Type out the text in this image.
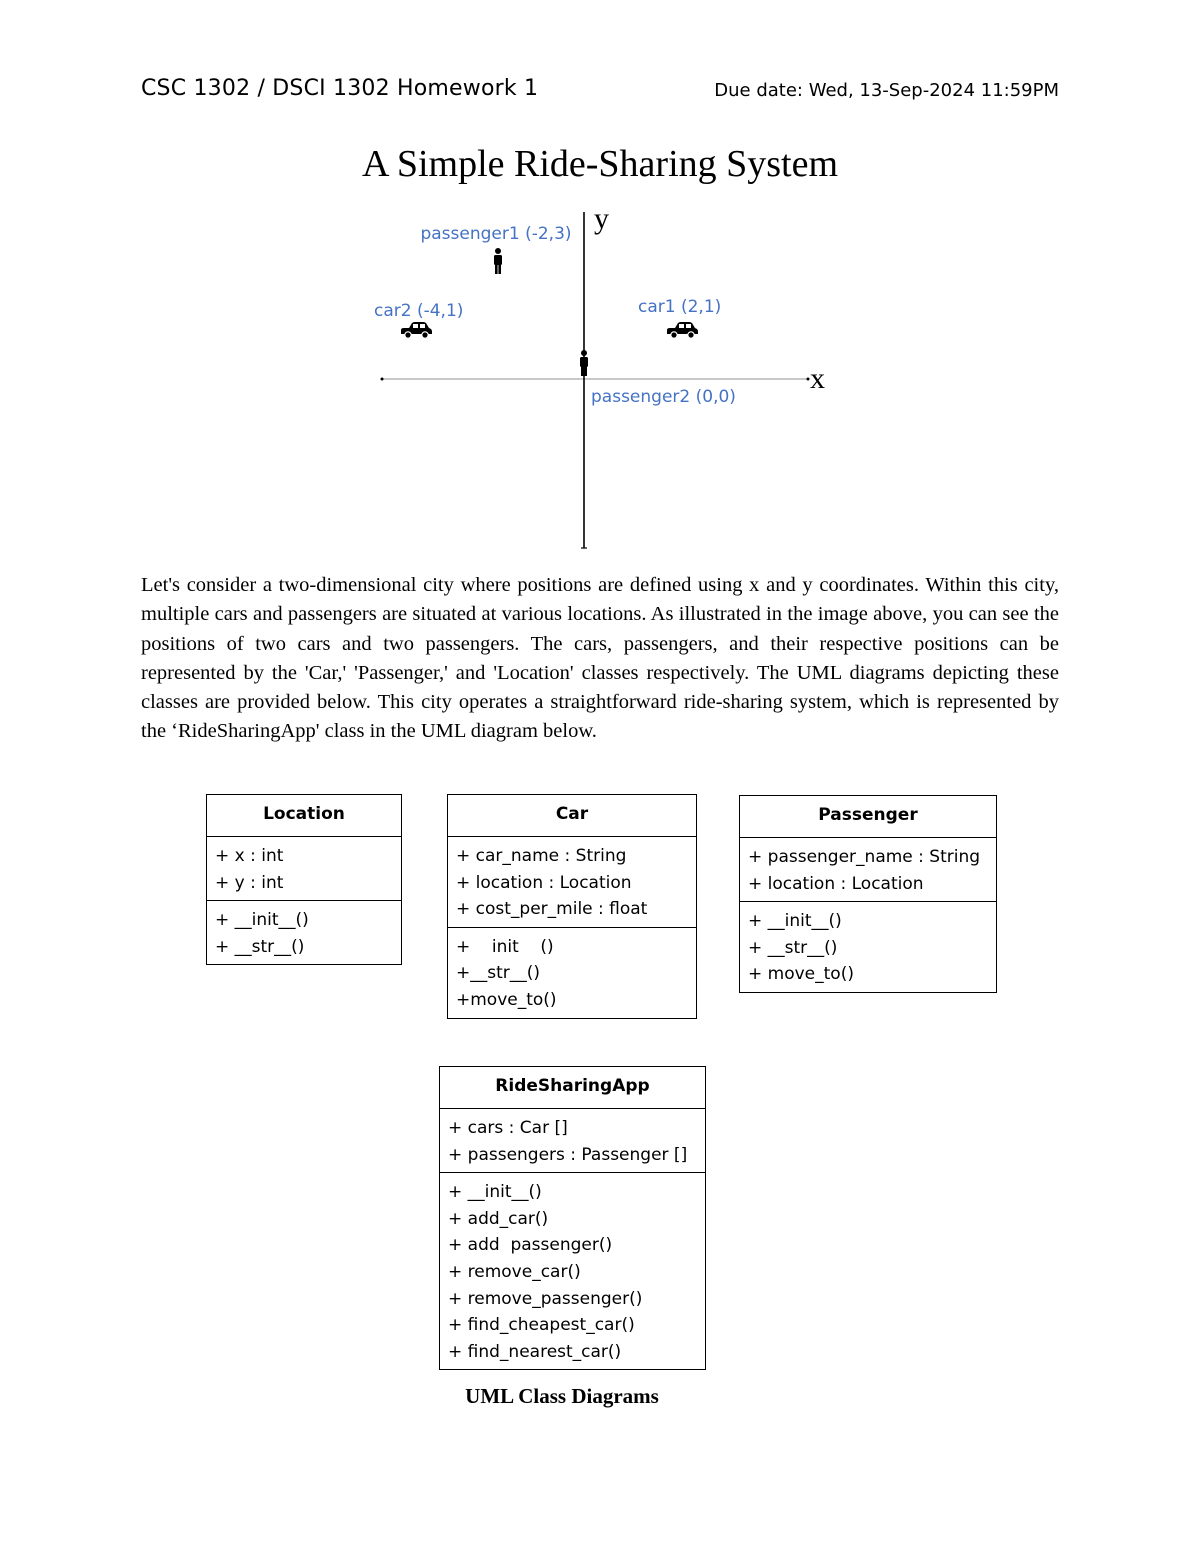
CSC 1302 / DSCI 1302 Homework 1	Due date: Wed, 13-Sep-2024 11:59PM
A Simple Ride-Sharing System
x
y
passenger1 (-2,3)
car2 (-4,1)	car1 (2,1)
passenger2 (0,0)
Let's consider a two-dimensional city where positions are defined using x and y coordinates. Within this city, multiple cars and passengers are situated at various locations. As illustrated in the image above, you can see the positions of two cars and two passengers. The cars, passengers, and their respective positions can be represented by the 'Car,' 'Passenger,' and 'Location' classes respectively. The UML diagrams depicting these classes are provided below. This city operates a straightforward ride-sharing system, which is represented by the ‘RideSharingApp' class in the UML diagram below.
Location
+ x : int
+ y : int
+ __init__()
+ __str__()
Car
+ car_name : String
+ location : Location
+ cost_per_mile : float
+    init    ()
+__str__()
+move_to()
Passenger
+ passenger_name : String
+ location : Location
+ __init__()
+ __str__()
+ move_to()
RideSharingApp
+ cars : Car []
+ passengers : Passenger []
+ __init__()
+ add_car()
+ add  passenger()
+ remove_car()
+ remove_passenger()
+ find_cheapest_car()
+ find_nearest_car()
UML Class Diagrams
